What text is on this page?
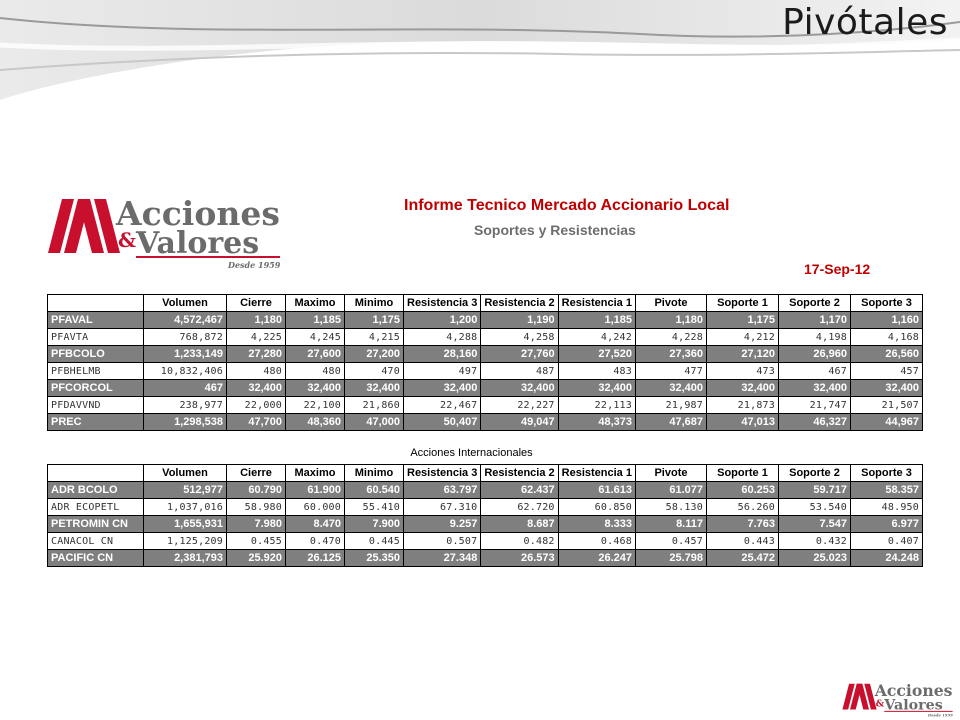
Pivótales
Acciones
& Valores
Desde 1959
Informe Tecnico Mercado Accionario Local
Soportes y Resistencias
17-Sep-12
	Volumen	Cierre	Maximo	Minimo	Resistencia 3	Resistencia 2	Resistencia 1	Pivote	Soporte 1	Soporte 2	Soporte 3
PFAVAL	4,572,467	1,180	1,185	1,175	1,200	1,190	1,185	1,180	1,175	1,170	1,160
PFAVTA	768,872	4,225	4,245	4,215	4,288	4,258	4,242	4,228	4,212	4,198	4,168
PFBCOLO	1,233,149	27,280	27,600	27,200	28,160	27,760	27,520	27,360	27,120	26,960	26,560
PFBHELMB	10,832,406	480	480	470	497	487	483	477	473	467	457
PFCORCOL	467	32,400	32,400	32,400	32,400	32,400	32,400	32,400	32,400	32,400	32,400
PFDAVVND	238,977	22,000	22,100	21,860	22,467	22,227	22,113	21,987	21,873	21,747	21,507
PREC	1,298,538	47,700	48,360	47,000	50,407	49,047	48,373	47,687	47,013	46,327	44,967
Acciones Internacionales
	Volumen	Cierre	Maximo	Minimo	Resistencia 3	Resistencia 2	Resistencia 1	Pivote	Soporte 1	Soporte 2	Soporte 3
ADR BCOLO	512,977	60.790	61.900	60.540	63.797	62.437	61.613	61.077	60.253	59.717	58.357
ADR ECOPETL	1,037,016	58.980	60.000	55.410	67.310	62.720	60.850	58.130	56.260	53.540	48.950
PETROMIN CN	1,655,931	7.980	8.470	7.900	9.257	8.687	8.333	8.117	7.763	7.547	6.977
CANACOL CN	1,125,209	0.455	0.470	0.445	0.507	0.482	0.468	0.457	0.443	0.432	0.407
PACIFIC CN	2,381,793	25.920	26.125	25.350	27.348	26.573	26.247	25.798	25.472	25.023	24.248
Acciones
& Valores
Desde 1959
